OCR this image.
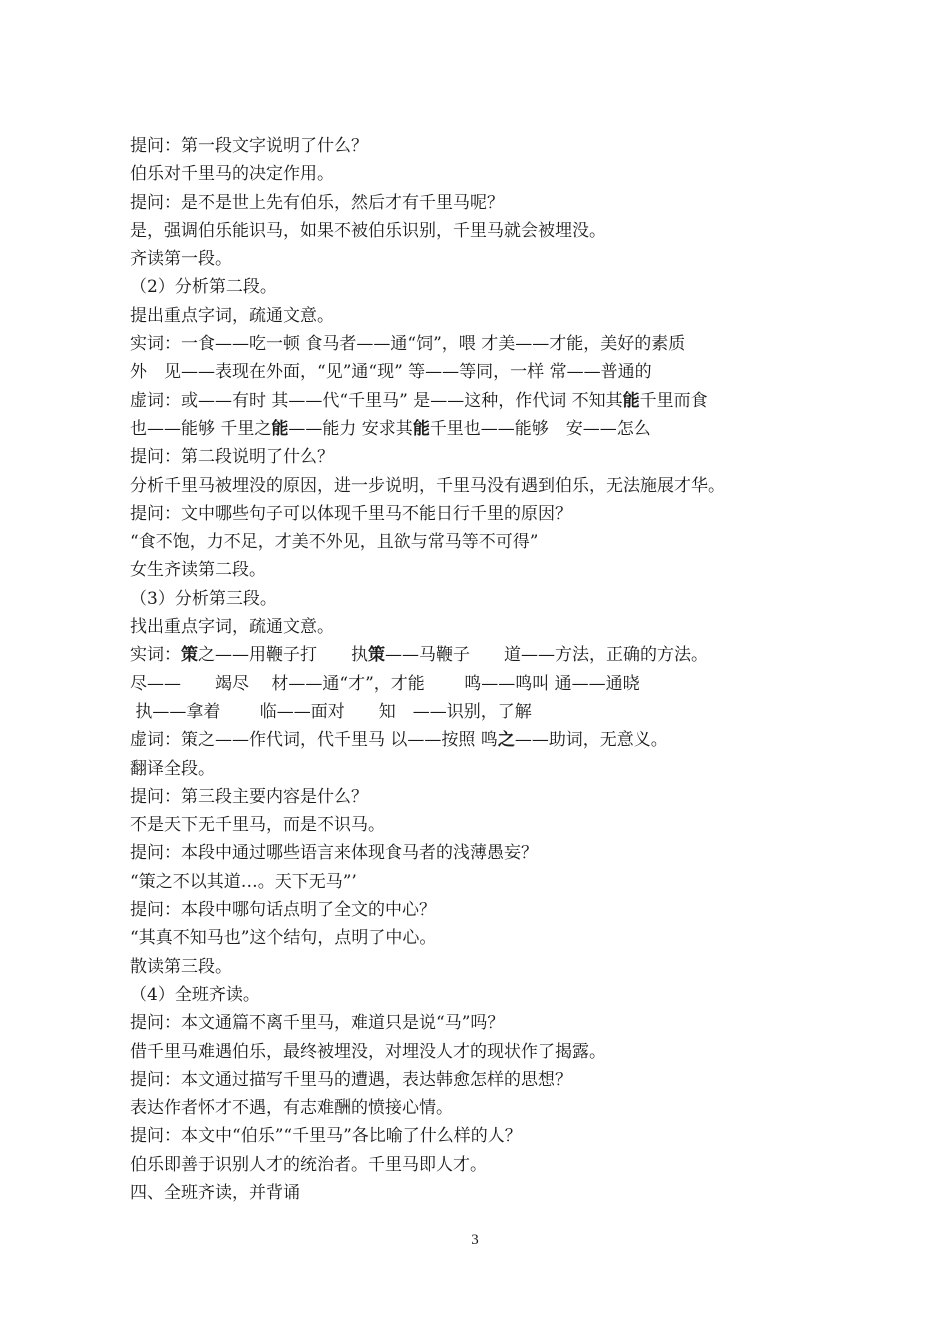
提问：第一段文字说明了什么？
伯乐对千里马的决定作用。
提问：是不是世上先有伯乐，然后才有千里马呢？
是，强调伯乐能识马，如果不被伯乐识别，千里马就会被埋没。
齐读第一段。
（2）分析第二段。
提出重点字词，疏通文意。
实词：一食——吃一顿 食马者——通“饲”，喂 才美——才能，美好的素质
外　见——表现在外面，“见”通“现” 等——等同，一样 常——普通的
虚词：或——有时 其——代“千里马” 是——这种，作代词 不知其能千里而食
也——能够 千里之能——能力 安求其能千里也——能够　安——怎么
提问：第二段说明了什么？
分析千里马被埋没的原因，进一步说明，千里马没有遇到伯乐，无法施展才华。
提问：文中哪些句子可以体现千里马不能日行千里的原因？
“食不饱，力不足，才美不外见，且欲与常马等不可得”
女生齐读第二段。
（3）分析第三段。
找出重点字词，疏通文意。
实词：策之——用鞭子打　　执策——马鞭子　　道——方法，正确的方法。
尽——　　竭尽　 材——通“才”，才能　　 鸣——鸣叫 通——通晓
执——拿着　　 临——面对　　知　——识别，了解
虚词：策之——作代词，代千里马 以——按照 鸣之——助词，无意义。
翻译全段。
提问：第三段主要内容是什么？
不是天下无千里马，而是不识马。
提问：本段中通过哪些语言来体现食马者的浅薄愚妄？
“策之不以其道…。天下无马”’
提问：本段中哪句话点明了全文的中心？
“其真不知马也”这个结句，点明了中心。
散读第三段。
（4）全班齐读。
提问：本文通篇不离千里马，难道只是说“马”吗？
借千里马难遇伯乐，最终被埋没，对埋没人才的现状作了揭露。
提问：本文通过描写千里马的遭遇，表达韩愈怎样的思想？
表达作者怀才不遇，有志难酬的愤接心情。
提问：本文中“伯乐”“千里马”各比喻了什么样的人？
伯乐即善于识别人才的统治者。千里马即人才。
四、全班齐读，并背诵
3
